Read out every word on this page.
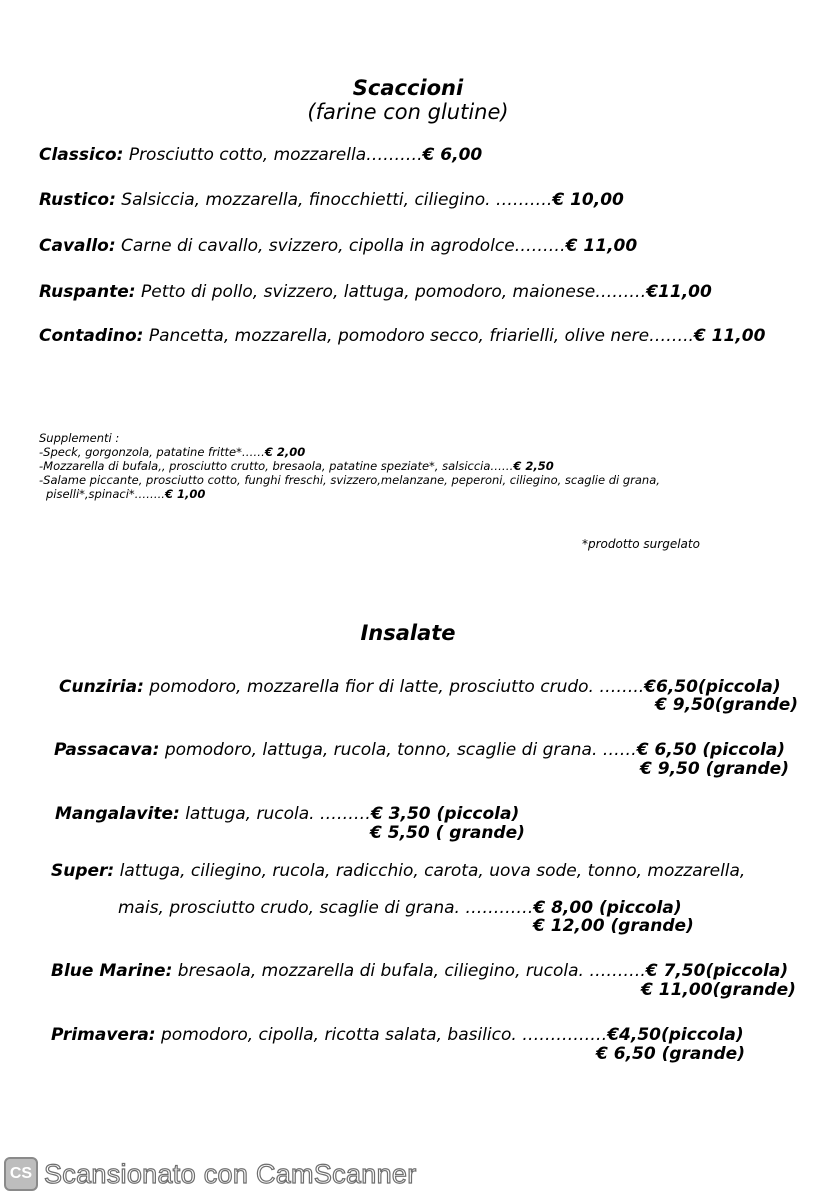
Scaccioni
(farine con glutine)
Classico: Prosciutto cotto, mozzarella……….€ 6,00
Rustico: Salsiccia, mozzarella, finocchietti, ciliegino. ……….€ 10,00
Cavallo: Carne di cavallo, svizzero, cipolla in agrodolce………€ 11,00
Ruspante: Petto di pollo, svizzero, lattuga, pomodoro, maionese………€11,00
Contadino: Pancetta, mozzarella, pomodoro secco, friarielli, olive nere……..€ 11,00
Supplementi :
-Speck, gorgonzola, patatine fritte*……€ 2,00
-Mozzarella di bufala,, prosciutto crutto, bresaola, patatine speziate*, salsiccia……€ 2,50
-Salame piccante, prosciutto cotto, funghi freschi, svizzero,melanzane, peperoni, ciliegino, scaglie di grana,
piselli*,spinaci*……..€ 1,00
*prodotto surgelato
Insalate
Cunziria: pomodoro, mozzarella fior di latte, prosciutto crudo. ……..€6,50(piccola)
€ 9,50(grande)
Passacava: pomodoro, lattuga, rucola, tonno, scaglie di grana. ……€ 6,50 (piccola)
€ 9,50 (grande)
Mangalavite: lattuga, rucola. ………€ 3,50 (piccola)
€ 5,50 ( grande)
Super: lattuga, ciliegino, rucola, radicchio, carota, uova sode, tonno, mozzarella,
mais, prosciutto crudo, scaglie di grana. …………€ 8,00 (piccola)
€ 12,00 (grande)
Blue Marine: bresaola, mozzarella di bufala, ciliegino, rucola. ……….€ 7,50(piccola)
€ 11,00(grande)
Primavera: pomodoro, cipolla, ricotta salata, basilico. ……………€4,50(piccola)
€ 6,50 (grande)
CS Scansionato con CamScanner
